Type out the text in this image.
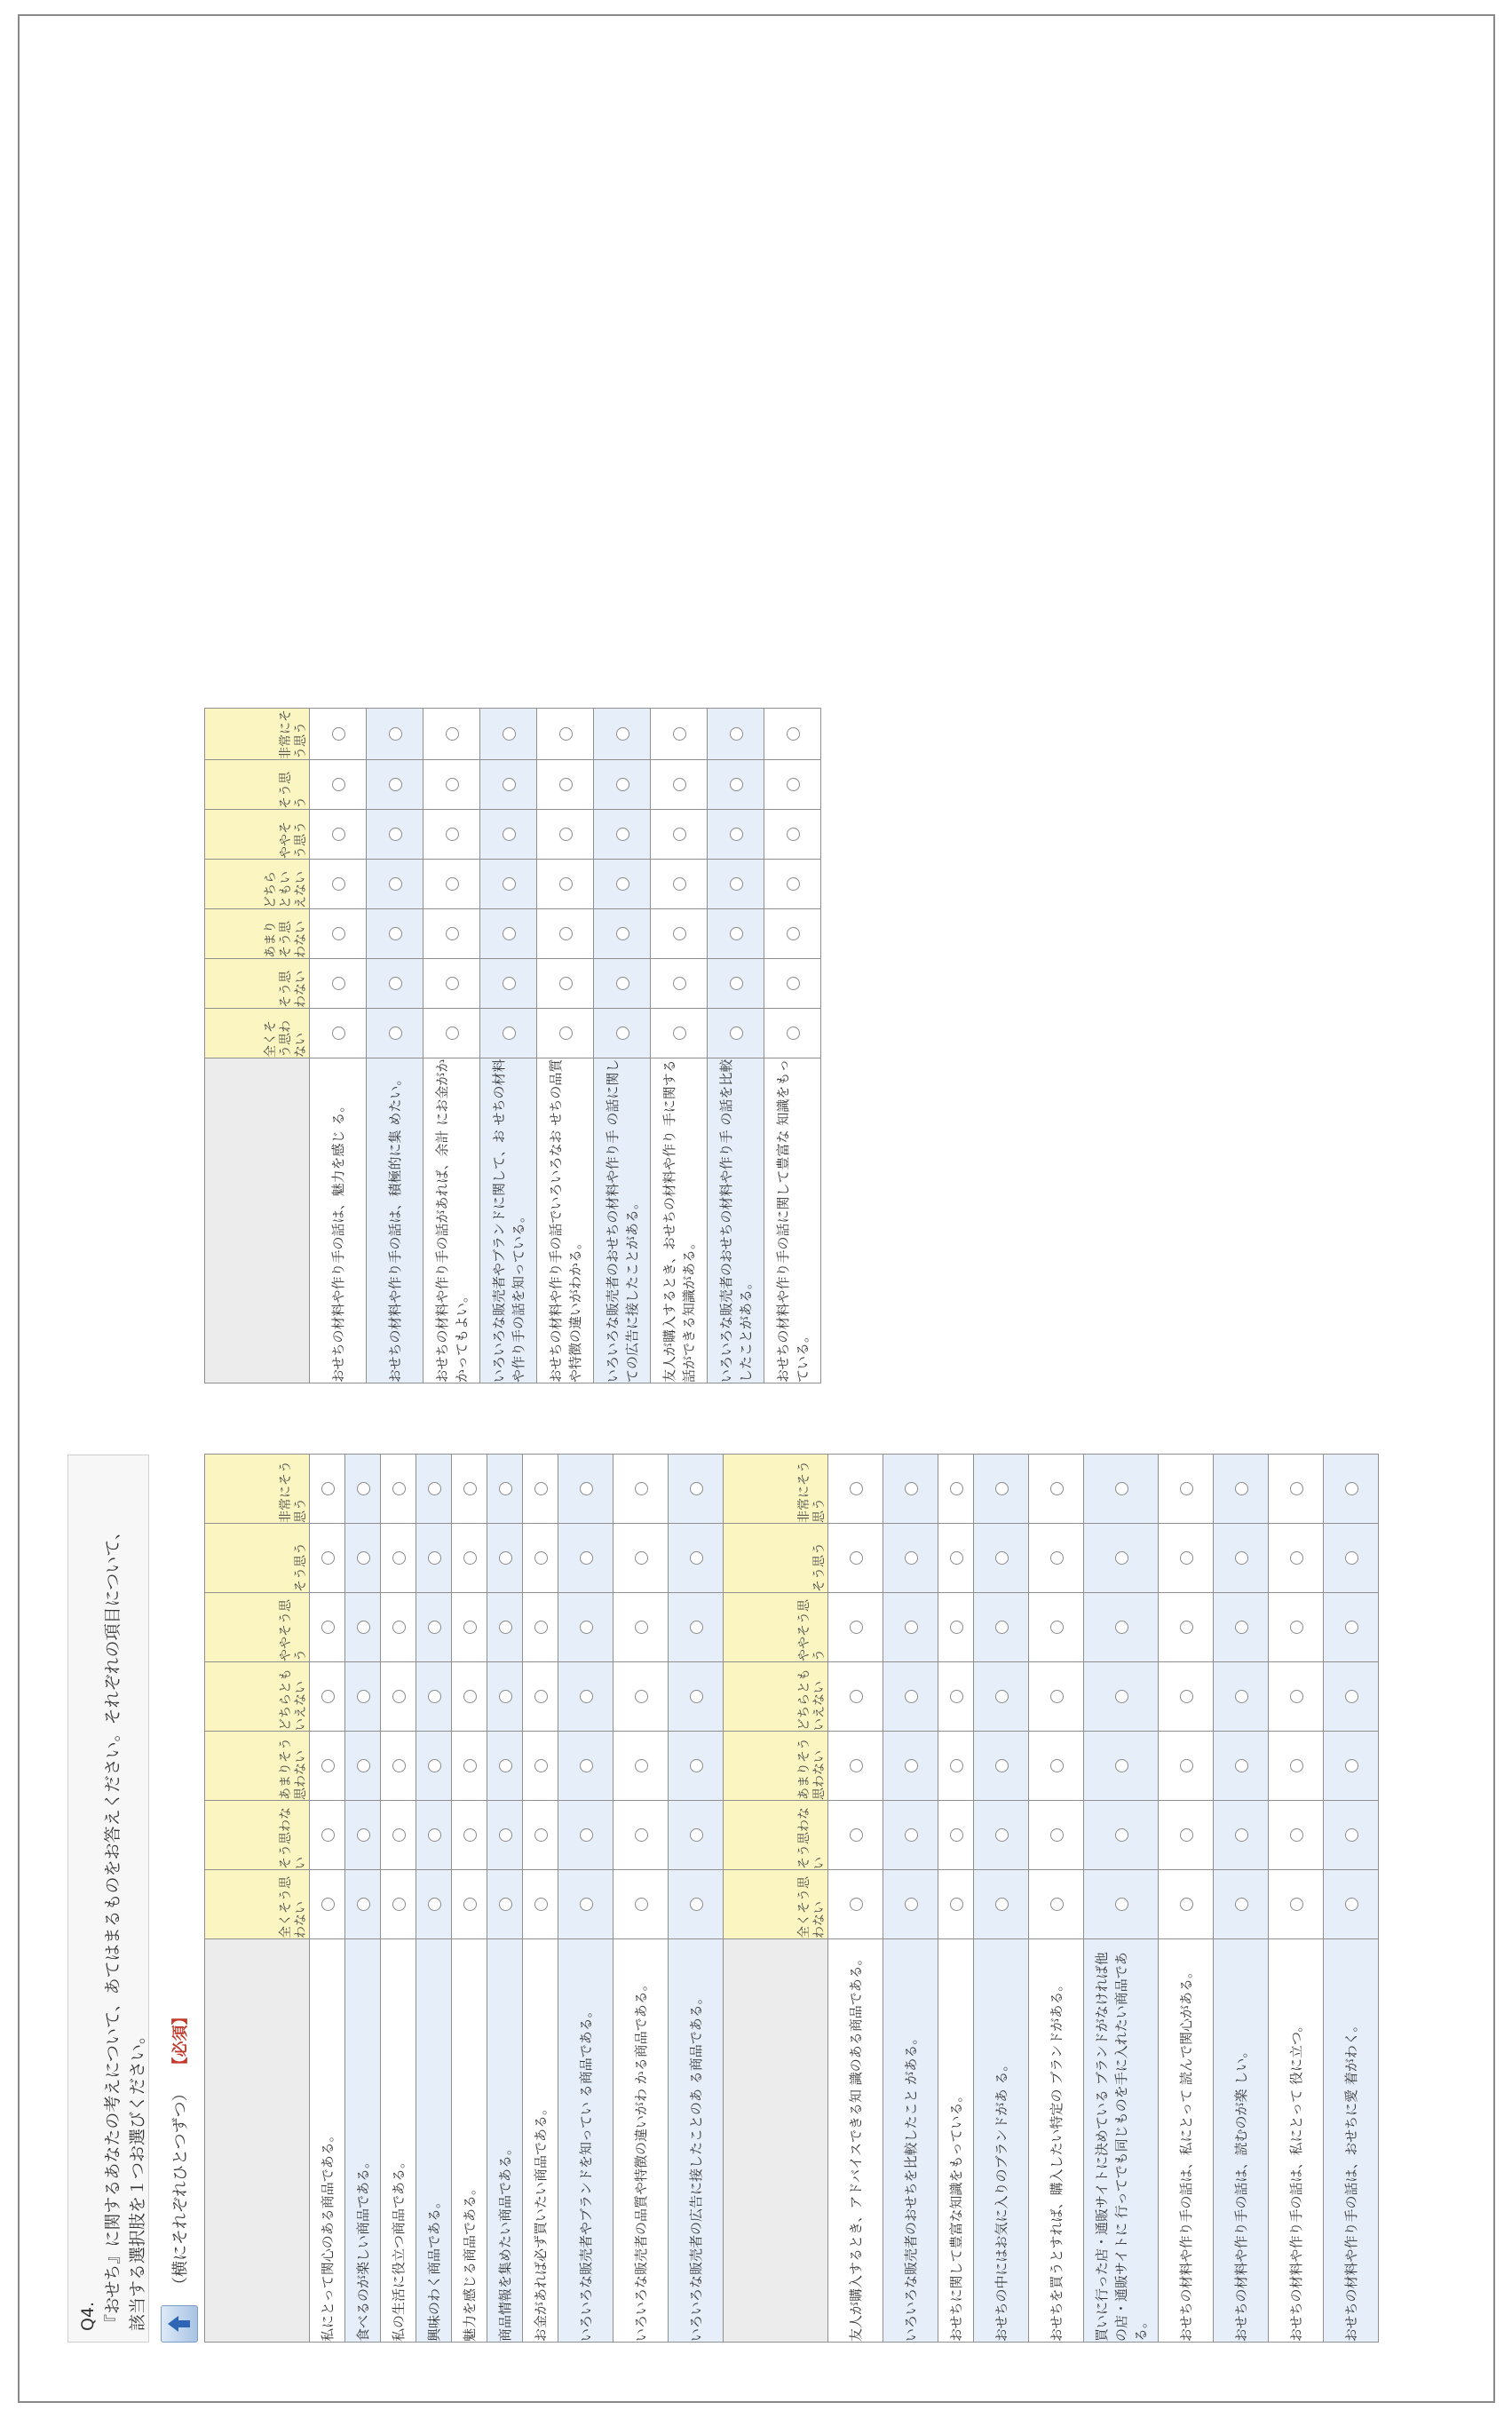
Q4. 『おせち』に関するあなたの考えについて、あてはまるものをお答えください。それぞれの項目について、 該当する選択肢を１つお選びください。 （横にそれぞれひとつずつ）
【必須】
	全くそう思わない	そう思わない	あまりそう思わない	どちらともいえない	ややそう思う	そう思う	非常にそう思う
私にとって関心のある商品である。							
食べるのが楽しい商品である。							
私の生活に役立つ商品である。							
興味のわく商品である。							
魅力を感じる商品である。							
商品情報を集めたい商品である。							
お金があれば必ず買いたい商品である。							
いろいろな販売者やブランドを知ってい る商品である。							
いろいろな販売者の品質や特徴の違いがわ かる商品である。							
いろいろな販売者の広告に接したことのあ る商品である。							
	全くそう思わない	そう思わない	あまりそう思わない	どちらともいえない	ややそう思う	そう思う	非常にそう思う
友人が購入するとき、アドバイスできる知 識のある商品である。							
いろいろな販売者のおせちを比較したこと がある。							
おせちに関して豊富な知識をもっている。							
おせちの中にはお気に入りのブランドがあ る。							
おせちを買うとすれば、購入したい特定の ブランドがある。							
買いに行った店・通販サイトに決めている ブランドがなければ他の店・通販サイトに 行ってでも同じものを手に入れたい商品であ る。							
おせちの材料や作り手の話は、私にとって 読んで関心がある。							
おせちの材料や作り手の話は、読むのが楽 しい。							
おせちの材料や作り手の話は、私にとって 役に立つ。							
おせちの材料や作り手の話は、おせちに愛 着がわく。							
	全くそう思わない	そう思わない	あまりそう思わない	どちらともいえない	ややそう思う	そう思う	非常にそう思う
おせちの材料や作り手の話は、魅力を感じ る。							
おせちの材料や作り手の話は、積極的に集 めたい。							
おせちの材料や作り手の話があれば、余計 にお金がかかってもよい。							
いろいろな販売者やブランドに関して、お せちの材料や作り手の話を知っている。							
おせちの材料や作り手の話でいろいろなお せちの品質や特徴の違いがわかる。							
いろいろな販売者のおせちの材料や作り手 の話に関しての広告に接したことがある。							
友人が購入するとき、おせちの材料や作り 手に関する話ができる知識がある。							
いろいろな販売者のおせちの材料や作り手 の話を比較したことがある。							
おせちの材料や作り手の話に関して豊富な 知識をもっている。							
